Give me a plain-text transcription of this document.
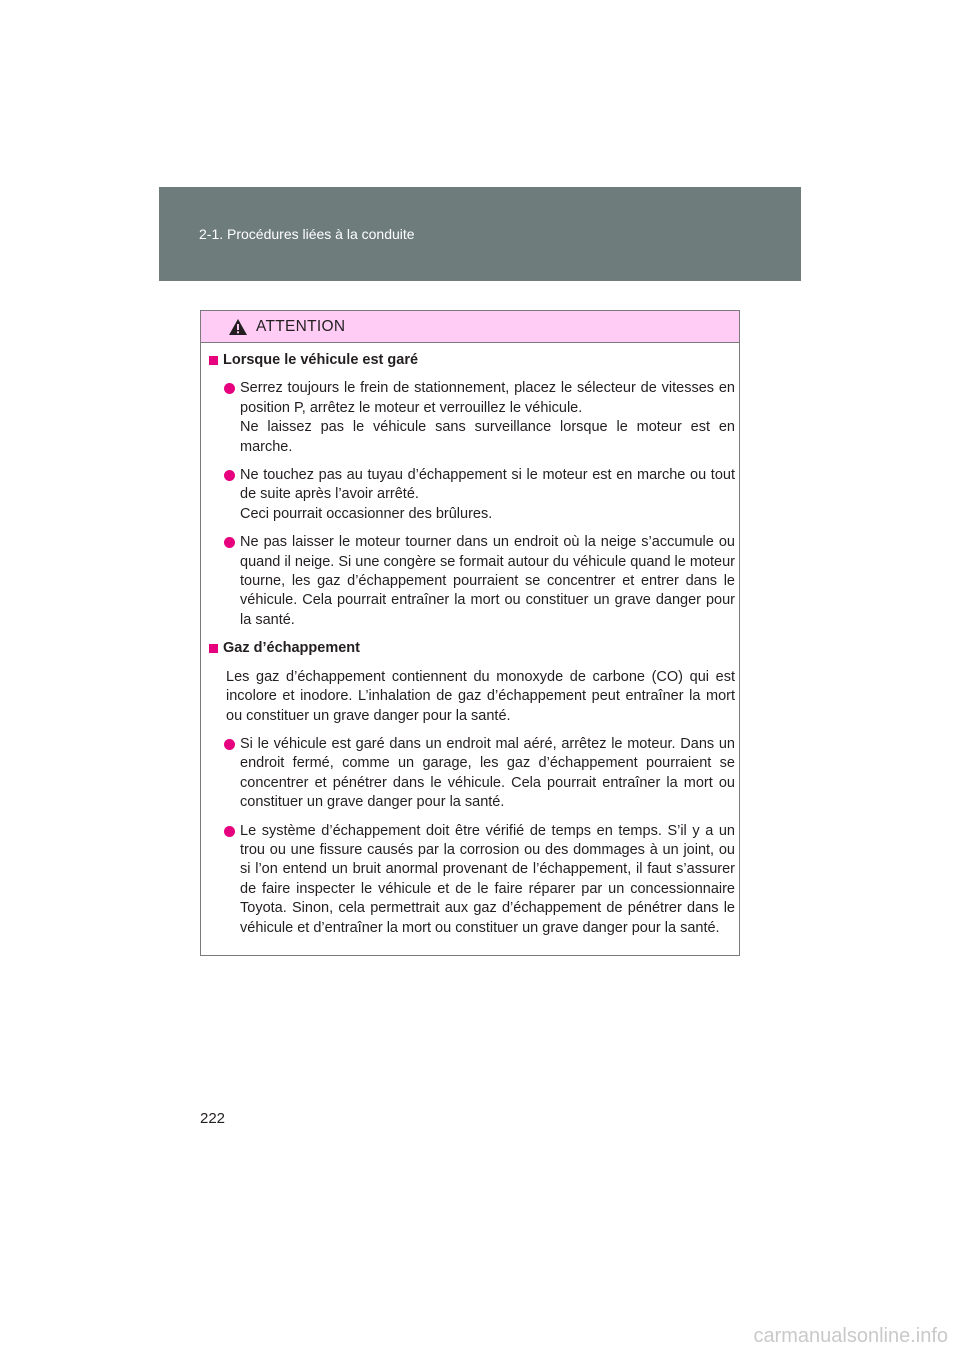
2-1. Procédures liées à la conduite
ATTENTION
Lorsque le véhicule est garé
Serrez toujours le frein de stationnement, placez le sélecteur de vitesses en position P, arrêtez le moteur et verrouillez le véhicule.
Ne laissez pas le véhicule sans surveillance lorsque le moteur est en marche.
Ne touchez pas au tuyau d’échappement si le moteur est en marche ou tout de suite après l’avoir arrêté.
Ceci pourrait occasionner des brûlures.
Ne pas laisser le moteur tourner dans un endroit où la neige s’accumule ou quand il neige. Si une congère se formait autour du véhicule quand le moteur tourne, les gaz d’échappement pourraient se concentrer et entrer dans le véhicule. Cela pourrait entraîner la mort ou constituer un grave danger pour la santé.
Gaz d’échappement
Les gaz d’échappement contiennent du monoxyde de carbone (CO) qui est incolore et inodore. L’inhalation de gaz d’échappement peut entraîner la mort ou constituer un grave danger pour la santé.
Si le véhicule est garé dans un endroit mal aéré, arrêtez le moteur. Dans un endroit fermé, comme un garage, les gaz d’échappement pourraient se concentrer et pénétrer dans le véhicule. Cela pourrait entraîner la mort ou constituer un grave danger pour la santé.
Le système d’échappement doit être vérifié de temps en temps. S’il y a un trou ou une fissure causés par la corrosion ou des dommages à un joint, ou si l’on entend un bruit anormal provenant de l’échappement, il faut s’assurer de faire inspecter le véhicule et de le faire réparer par un concessionnaire Toyota. Sinon, cela permettrait aux gaz d’échappement de pénétrer dans le véhicule et d’entraîner la mort ou constituer un grave danger pour la santé.
222
carmanualsonline.info
